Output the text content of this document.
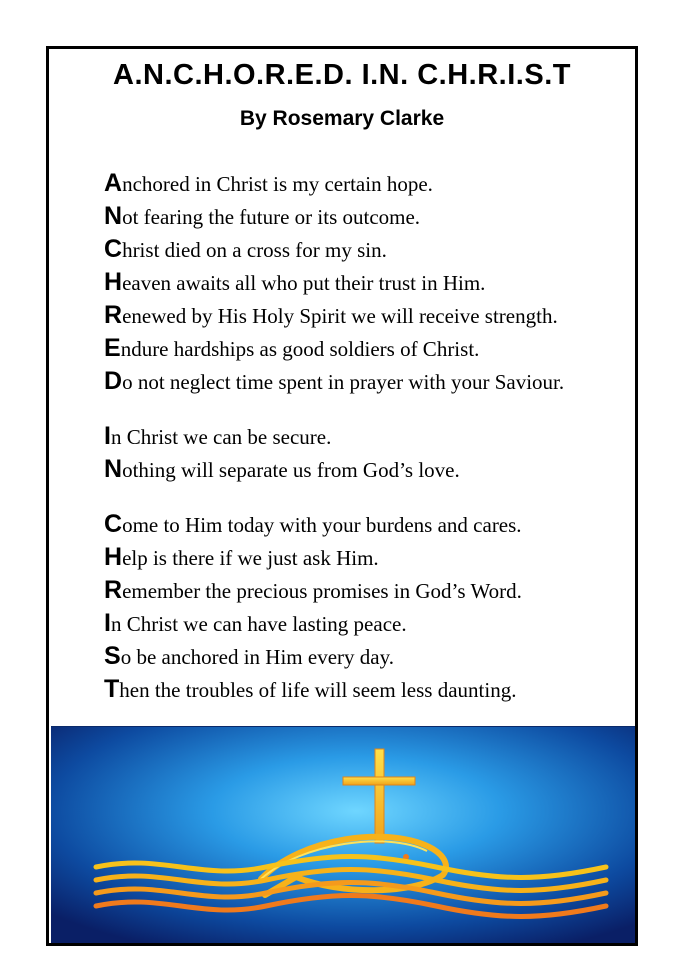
A.N.C.H.O.R.E.D. I.N. C.H.R.I.S.T
By Rosemary Clarke
Anchored in Christ is my certain hope.
Not fearing the future or its outcome.
Christ died on a cross for my sin.
Heaven awaits all who put their trust in Him.
Renewed by His Holy Spirit we will receive strength.
Endure hardships as good soldiers of Christ.
Do not neglect time spent in prayer with your Saviour.
In Christ we can be secure.
Nothing will separate us from God’s love.
Come to Him today with your burdens and cares.
Help is there if we just ask Him.
Remember the precious promises in God’s Word.
In Christ we can have lasting peace.
So be anchored in Him every day.
Then the troubles of life will seem less daunting.
